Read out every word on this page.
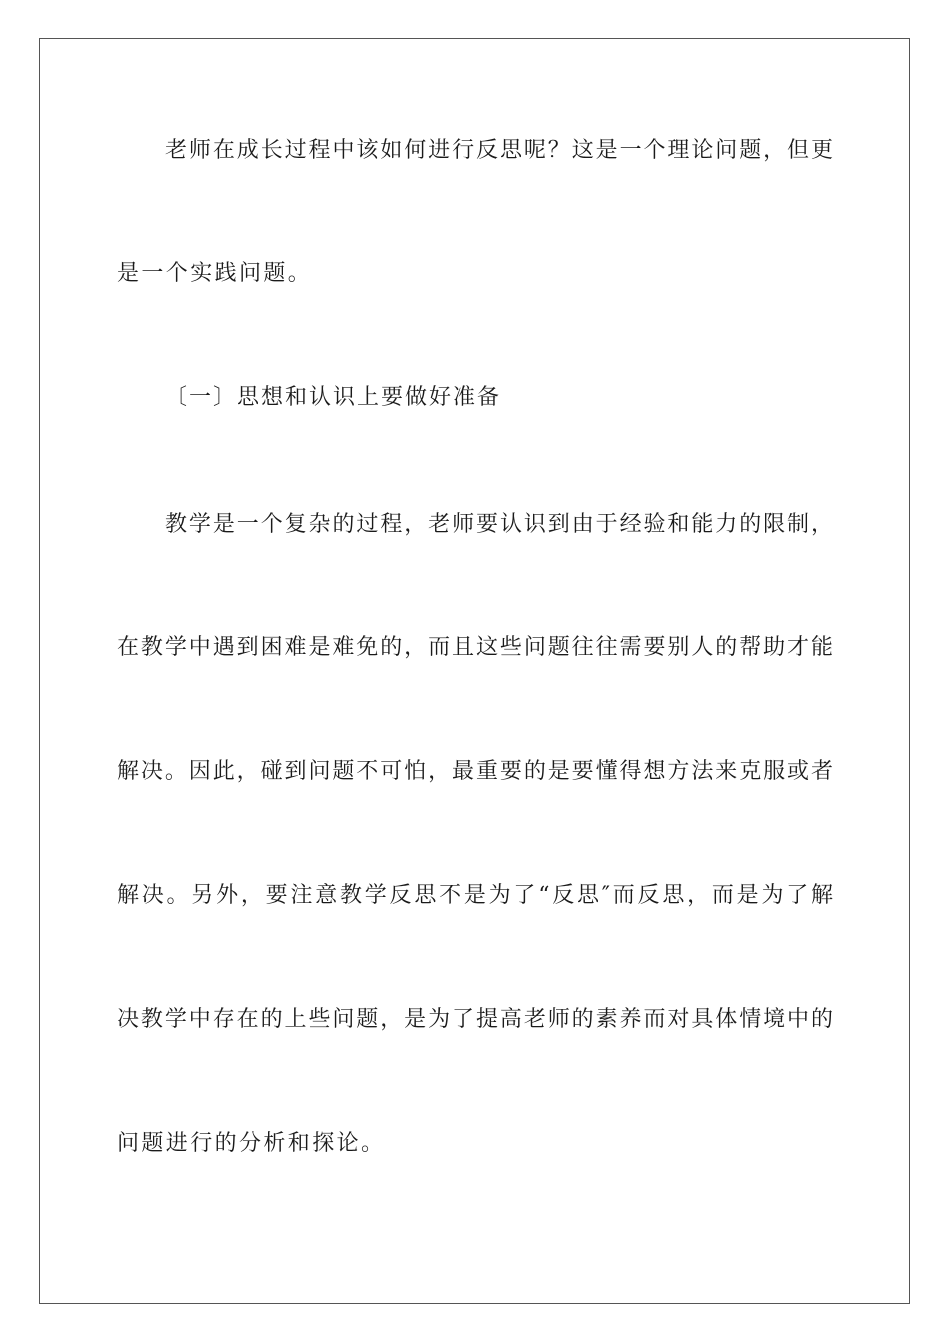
老师在成长过程中该如何进行反思呢？这是一个理论问题，但更
是一个实践问题。
〔一〕思想和认识上要做好准备
教学是一个复杂的过程，老师要认识到由于经验和能力的限制，
在教学中遇到困难是难免的，而且这些问题往往需要别人的帮助才能
解决。因此，碰到问题不可怕，最重要的是要懂得想方法来克服或者
解决。另外，要注意教学反思不是为了“反思″而反思，而是为了解
决教学中存在的上些问题，是为了提高老师的素养而对具体情境中的
问题进行的分析和探论。
